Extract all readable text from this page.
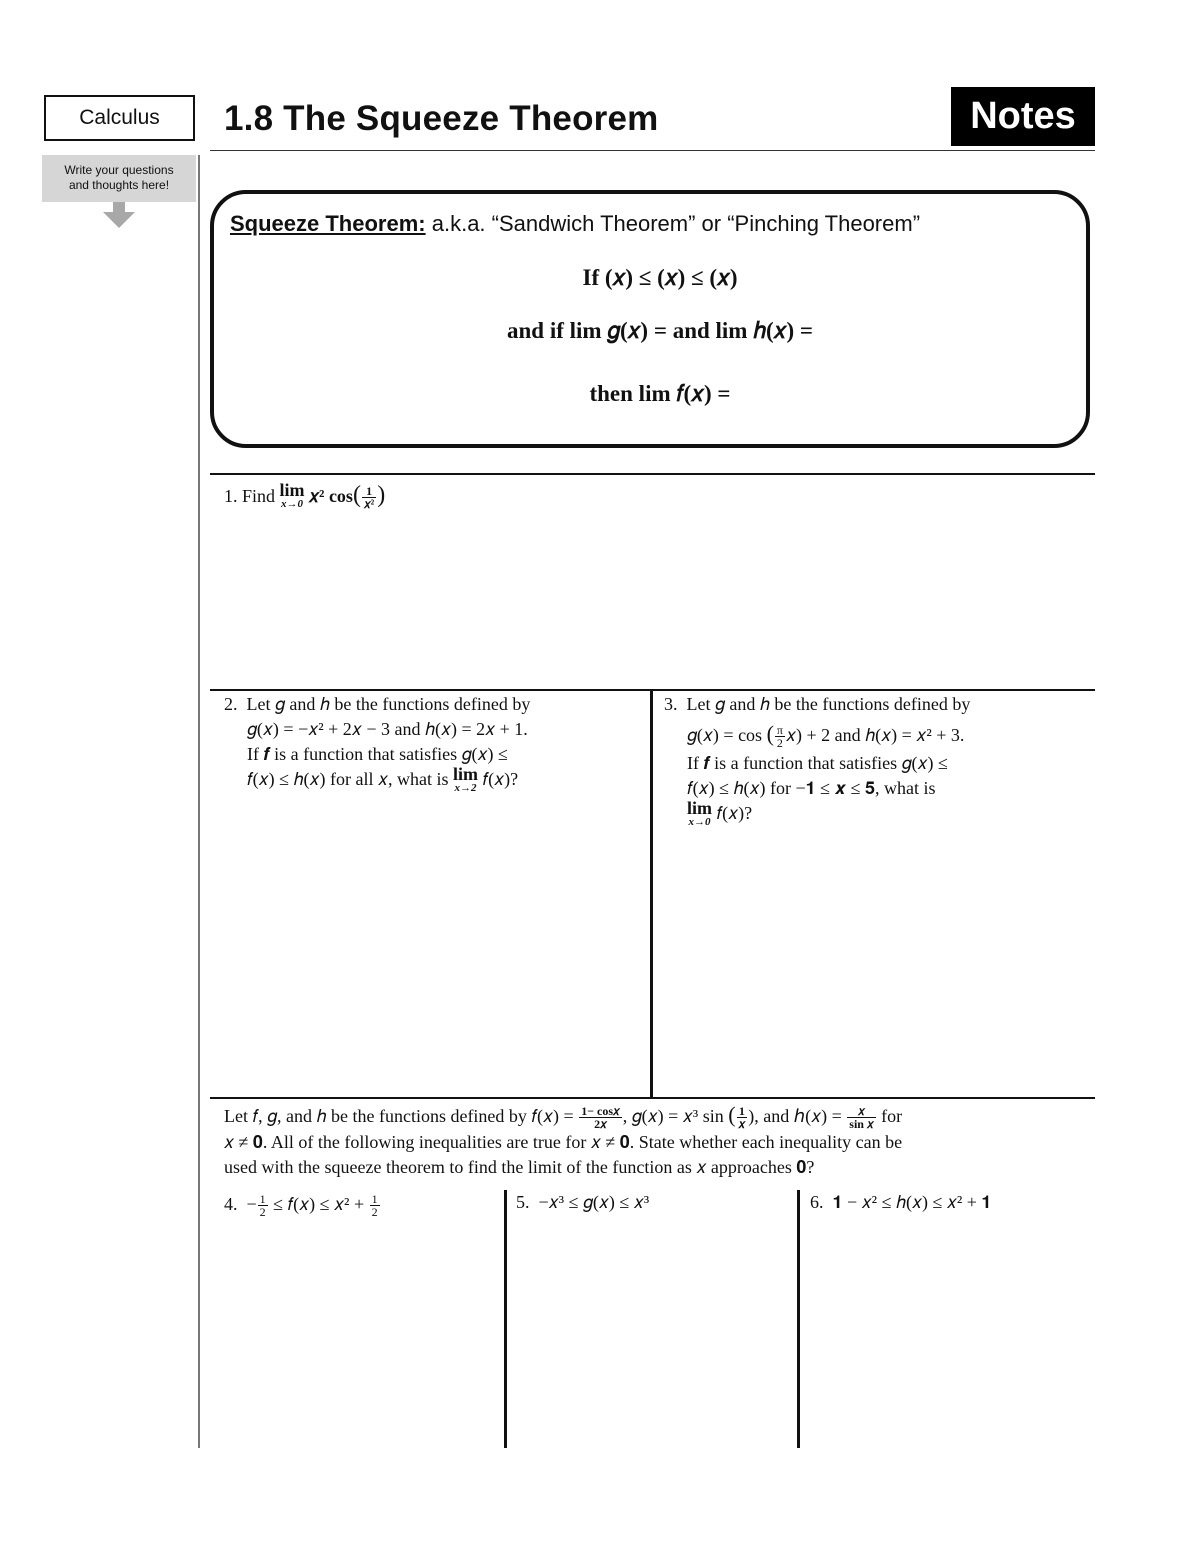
Calculus	1.8 The Squeeze Theorem	Notes
Write your questions
and thoughts here!
Squeeze Theorem: a.k.a. “Sandwich Theorem” or “Pinching Theorem”
If (𝑥) ≤ (𝑥) ≤ (𝑥)
and if lim 𝑔(𝑥) = and lim ℎ(𝑥) =
then lim 𝑓(𝑥) =
1. Find lim
x→0 𝑥² $\cos( \frac{1}{\text{𝑥²}}$ )
2. Let 𝑔 and ℎ be the functions defined by
𝑔(𝑥) = −𝑥² + 2𝑥 − 3 and ℎ(𝑥) = 2𝑥 + 1.
If 𝒇 is a function that satisfies 𝑔(𝑥) ≤
𝑓(𝑥) ≤ ℎ(𝑥) for all 𝑥, what is lim
x→2 𝑓(𝑥)?
3. Let 𝑔 and ℎ be the functions defined by
𝑔(𝑥) = cos ( $\frac{\pi}{2}$ 𝑥) + 2 and ℎ(𝑥) = 𝑥² + 3.
If 𝒇 is a function that satisfies 𝑔(𝑥) ≤
𝑓(𝑥) ≤ ℎ(𝑥) for −𝟏 ≤ 𝒙 ≤ 𝟓, what is
lim
x→0 𝑓(𝑥)?
Let 𝑓, 𝑔, and ℎ be the functions defined by 𝑓(𝑥) = $\frac{\text{1− cos𝑥}}{\text{2𝑥}}$ , 𝑔(𝑥) = 𝑥³ sin ( $\frac{1}{\text{𝑥}}$ ), and ℎ(𝑥) = $\frac{\text{𝑥}}{\text{sin 𝑥}}$ for
𝑥 ≠ 𝟎. All of the following inequalities are true for 𝑥 ≠ 𝟎. State whether each inequality can be
used with the squeeze theorem to find the limit of the function as 𝑥 approaches 𝟎?
4. − $\frac{1}{2}$ ≤ 𝑓(𝑥) ≤ 𝑥² + $\frac{1}{2}$	5. −𝑥³ ≤ 𝑔(𝑥) ≤ 𝑥³	6. 𝟏 − 𝑥² ≤ ℎ(𝑥) ≤ 𝑥² + 𝟏
